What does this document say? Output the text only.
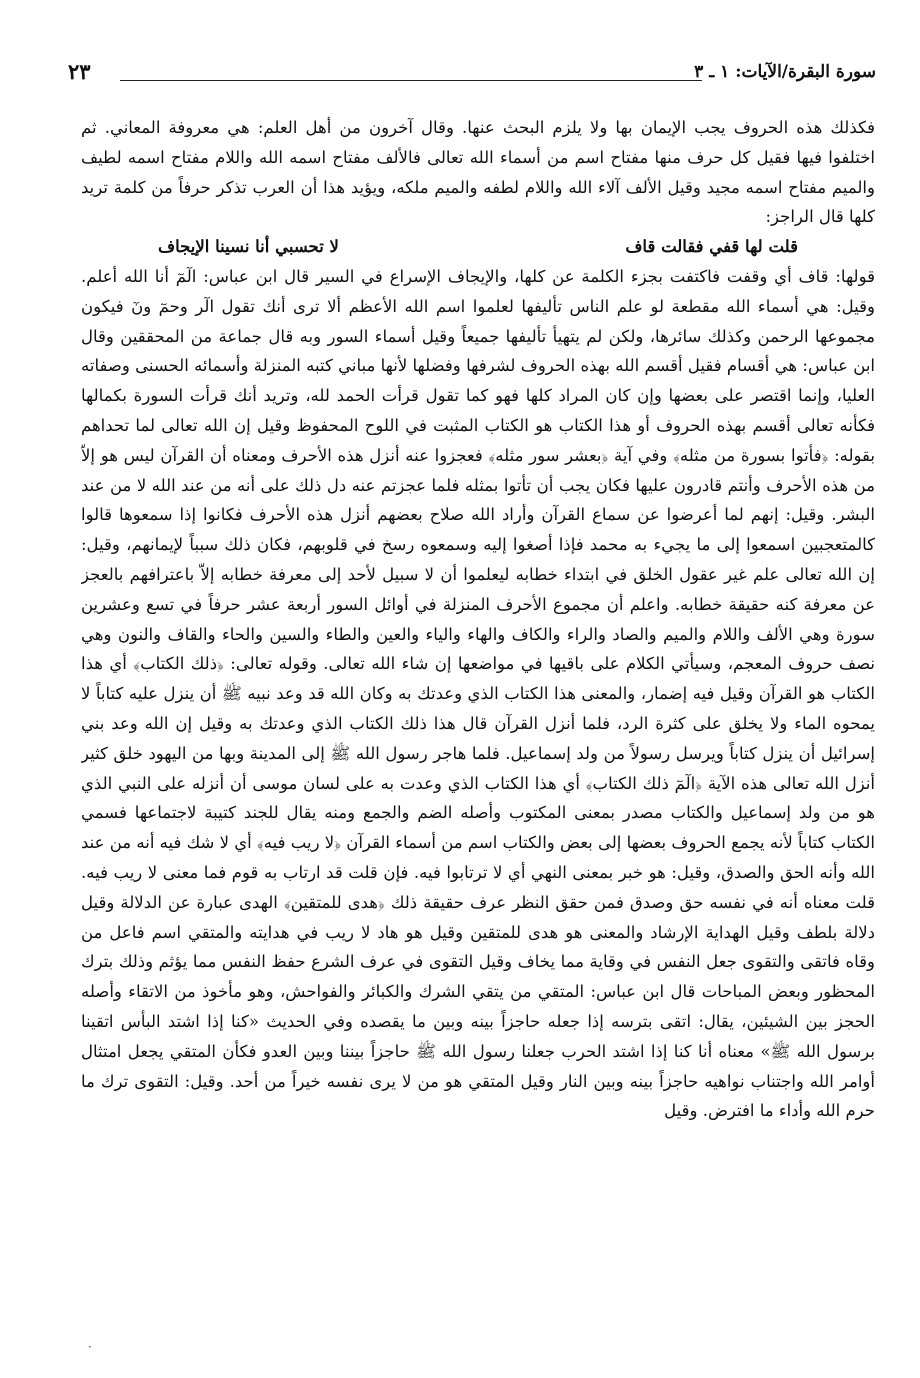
سورة البقرة/الآيات: ١ ـ ٣
٢٣

فكذلك هذه الحروف يجب الإيمان بها ولا يلزم البحث عنها. وقال آخرون من أهل العلم: هي معروفة المعاني. ثم اختلفوا فيها فقيل كل حرف منها مفتاح اسم من أسماء الله تعالى فالألف مفتاح اسمه الله واللام مفتاح اسمه لطيف والميم مفتاح اسمه مجيد وقيل الألف آلاء الله واللام لطفه والميم ملكه، ويؤيد هذا أن العرب تذكر حرفاً من كلمة تريد كلها قال الراجز:

قلت لها قفي فقالت قاف
لا تحسبي أنا نسينا الإيجاف

قولها: قاف أي وقفت فاكتفت بجزء الكلمة عن كلها، والإيجاف الإسراع في السير قال ابن عباس: الٓمٓ أنا الله أعلم. وقيل: هي أسماء الله مقطعة لو علم الناس تأليفها لعلموا اسم الله الأعظم ألا ترى أنك تقول الٓر وحمٓ ونٓ فيكون مجموعها الرحمن وكذلك سائرها، ولكن لم يتهيأ تأليفها جميعاً وقيل أسماء السور وبه قال جماعة من المحققين وقال ابن عباس: هي أقسام فقيل أقسم الله بهذه الحروف لشرفها وفضلها لأنها مباني كتبه المنزلة وأسمائه الحسنى وصفاته العليا، وإنما اقتصر على بعضها وإن كان المراد كلها فهو كما تقول قرأت الحمد لله، وتريد أنك قرأت السورة بكمالها فكأنه تعالى أقسم بهذه الحروف أو هذا الكتاب هو الكتاب المثبت في اللوح المحفوظ وقيل إن الله تعالى لما تحداهم بقوله: ﴿فأتوا بسورة من مثله﴾ وفي آية ﴿بعشر سور مثله﴾ فعجزوا عنه أنزل هذه الأحرف ومعناه أن القرآن ليس هو إلاّ من هذه الأحرف وأنتم قادرون عليها فكان يجب أن تأتوا بمثله فلما عجزتم عنه دل ذلك على أنه من عند الله لا من عند البشر. وقيل: إنهم لما أعرضوا عن سماع القرآن وأراد الله صلاح بعضهم أنزل هذه الأحرف فكانوا إذا سمعوها قالوا كالمتعجبين اسمعوا إلى ما يجيء به محمد فإذا أصغوا إليه وسمعوه رسخ في قلوبهم، فكان ذلك سبباً لإيمانهم، وقيل: إن الله تعالى علم غير عقول الخلق في ابتداء خطابه ليعلموا أن لا سبيل لأحد إلى معرفة خطابه إلاّ باعترافهم بالعجز عن معرفة كنه حقيقة خطابه. واعلم أن مجموع الأحرف المنزلة في أوائل السور أربعة عشر حرفاً في تسع وعشرين سورة وهي الألف واللام والميم والصاد والراء والكاف والهاء والياء والعين والطاء والسين والحاء والقاف والنون وهي نصف حروف المعجم، وسيأتي الكلام على باقيها في مواضعها إن شاء الله تعالى. وقوله تعالى: ﴿ذلك الكتاب﴾ أي هذا الكتاب هو القرآن وقيل فيه إضمار، والمعنى هذا الكتاب الذي وعدتك به وكان الله قد وعد نبيه ﷺ أن ينزل عليه كتاباً لا يمحوه الماء ولا يخلق على كثرة الرد، فلما أنزل القرآن قال هذا ذلك الكتاب الذي وعدتك به وقيل إن الله وعد بني إسرائيل أن ينزل كتاباً ويرسل رسولاً من ولد إسماعيل. فلما هاجر رسول الله ﷺ إلى المدينة وبها من اليهود خلق كثير أنزل الله تعالى هذه الآية ﴿الٓمٓ ذلك الكتاب﴾ أي هذا الكتاب الذي وعدت به على لسان موسى أن أنزله على النبي الذي هو من ولد إسماعيل والكتاب مصدر بمعنى المكتوب وأصله الضم والجمع ومنه يقال للجند كتيبة لاجتماعها فسمي الكتاب كتاباً لأنه يجمع الحروف بعضها إلى بعض والكتاب اسم من أسماء القرآن ﴿لا ريب فيه﴾ أي لا شك فيه أنه من عند الله وأنه الحق والصدق، وقيل: هو خبر بمعنى النهي أي لا ترتابوا فيه. فإن قلت قد ارتاب به قوم فما معنى لا ريب فيه. قلت معناه أنه في نفسه حق وصدق فمن حقق النظر عرف حقيقة ذلك ﴿هدى للمتقين﴾ الهدى عبارة عن الدلالة وقيل دلالة بلطف وقيل الهداية الإرشاد والمعنى هو هدى للمتقين وقيل هو هاد لا ريب في هدايته والمتقي اسم فاعل من وقاه فاتقى والتقوى جعل النفس في وقاية مما يخاف وقيل التقوى في عرف الشرع حفظ النفس مما يؤثم وذلك بترك المحظور وبعض المباحات قال ابن عباس: المتقي من يتقي الشرك والكبائر والفواحش، وهو مأخوذ من الاتقاء وأصله الحجز بين الشيئين، يقال: اتقى بترسه إذا جعله حاجزاً بينه وبين ما يقصده وفي الحديث «كنا إذا اشتد البأس اتقينا برسول الله ﷺ» معناه أنا كنا إذا اشتد الحرب جعلنا رسول الله ﷺ حاجزاً بيننا وبين العدو فكأن المتقي يجعل امتثال أوامر الله واجتناب نواهيه حاجزاً بينه وبين النار وقيل المتقي هو من لا يرى نفسه خيراً من أحد. وقيل: التقوى ترك ما حرم الله وأداء ما افترض. وقيل

·
